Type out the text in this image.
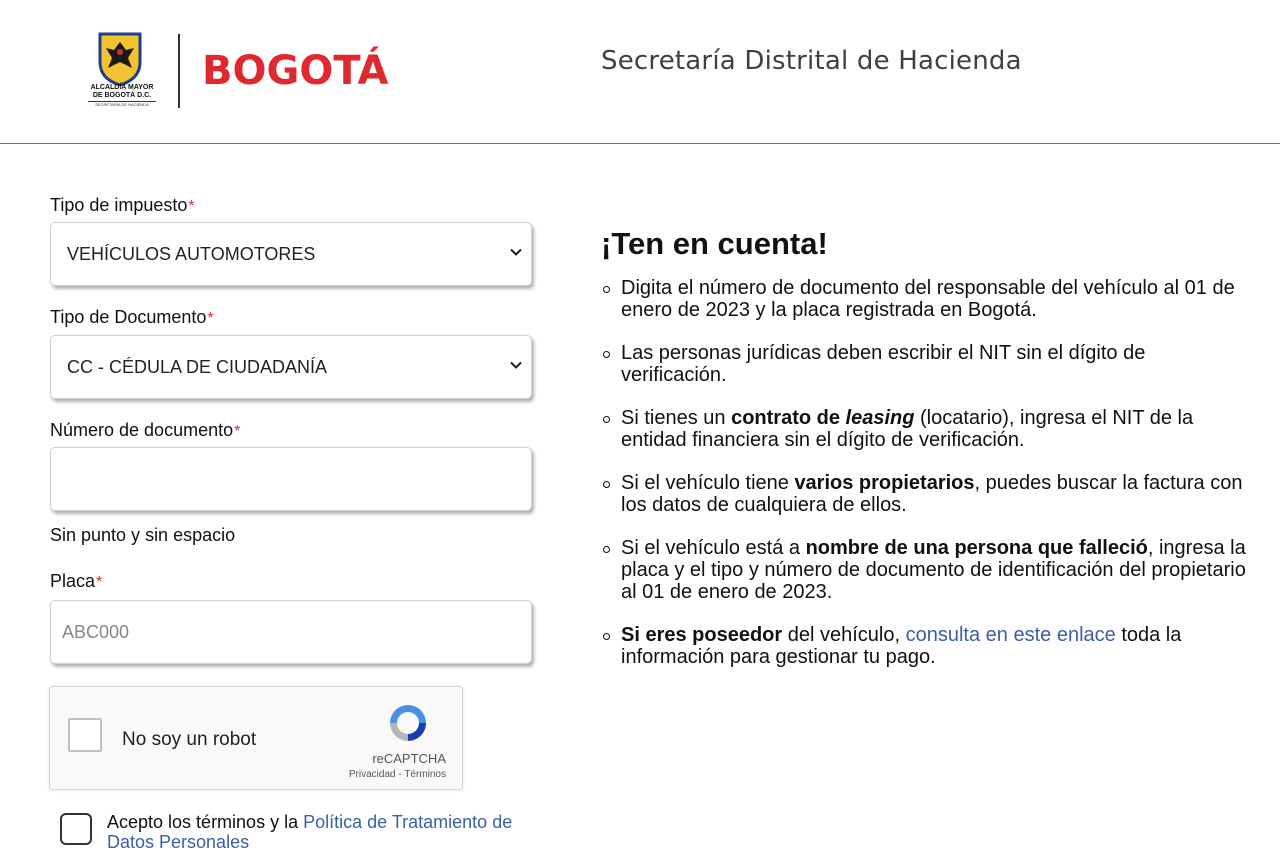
ALCALDÍA MAYOR
DE BOGOTÁ D.C.
SECRETARÍA DE HACIENDA
BOGOTÁ	Secretaría Distrital de Hacienda
Tipo de impuesto*
VEHÍCULOS AUTOMOTORES
Tipo de Documento*
CC - CÉDULA DE CIUDADANÍA
Número de documento*
Sin punto y sin espacio
Placa*
ABC000
No soy un robot
reCAPTCHA
Privacidad - Términos
Acepto los términos y la Política de Tratamiento de Datos Personales
¡Ten en cuenta!
Digita el número de documento del responsable del vehículo al 01 de enero de 2023 y la placa registrada en Bogotá.
Las personas jurídicas deben escribir el NIT sin el dígito de verificación.
Si tienes un contrato de leasing (locatario), ingresa el NIT de la entidad financiera sin el dígito de verificación.
Si el vehículo tiene varios propietarios, puedes buscar la factura con los datos de cualquiera de ellos.
Si el vehículo está a nombre de una persona que falleció, ingresa la placa y el tipo y número de documento de identificación del propietario al 01 de enero de 2023.
Si eres poseedor del vehículo, consulta en este enlace toda la información para gestionar tu pago.
